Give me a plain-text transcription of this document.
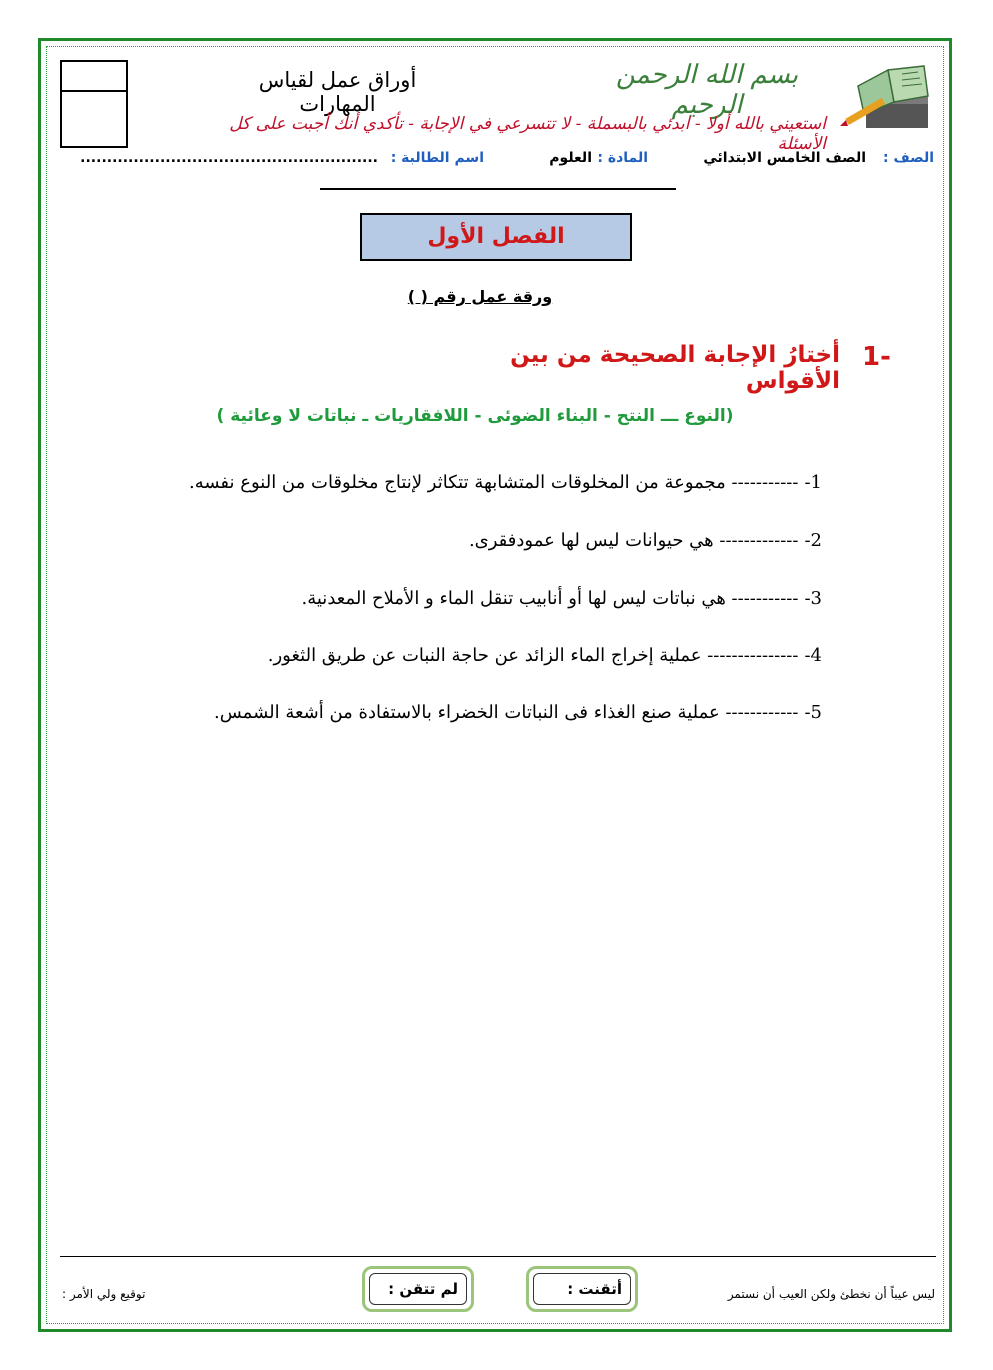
أوراق عمل لقياس المهارات
بسم الله الرحمن الرحيم
استعيني بالله أولا - ابدئي بالبسملة - لا تتسرعي في الإجابة - تأكدي أنك أجبت على كل الأسئلة
الصف :
الصف الخامس الابتدائي
المادة :
العلوم
اسم الطالبة :
........................................................
الفصل الأول
ورقة عمل رقم ( )
1-
أختارُ الإجابة الصحيحة من بين الأقواس
(النوع ـــ النتح - البناء الضوئى - اللافقاريات ـ نباتات لا وعائية )
1------------ مجموعة من المخلوقات المتشابهة تتكاثر لإنتاج مخلوقات من النوع نفسه.
2-------------- هي حيوانات ليس لها عمودفقرى.
3------------ هي نباتات ليس لها أو أنابيب تنقل الماء و الأملاح المعدنية.
4---------------- عملية إخراج الماء الزائد عن حاجة النبات عن طريق الثغور.
5------------- عملية صنع الغذاء فى النباتات الخضراء بالاستفادة من أشعة الشمس.
ليس عيباً أن نخطئ ولكن العيب أن نستمر
أتقنت :
لم تتقن :
توقيع ولي الأمر :
